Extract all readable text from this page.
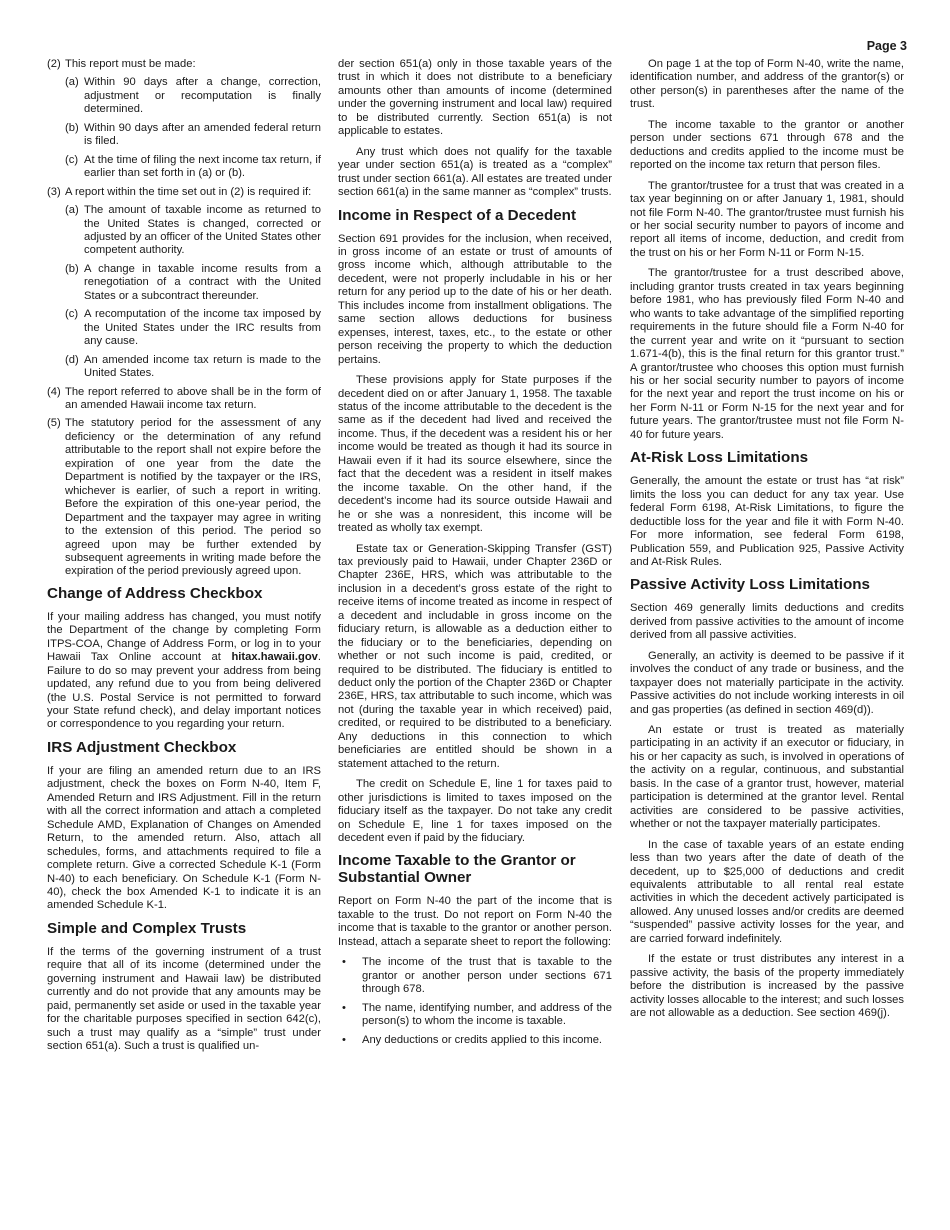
Page 3
(2) This report must be made:
(a) Within 90 days after a change, correction, adjustment or recomputation is finally determined.
(b) Within 90 days after an amended federal return is filed.
(c) At the time of filing the next income tax return, if earlier than set forth in (a) or (b).
(3) A report within the time set out in (2) is required if:
(a) The amount of taxable income as returned to the United States is changed, corrected or adjusted by an officer of the United States other competent authority.
(b) A change in taxable income results from a renegotiation of a contract with the United States or a subcontract thereunder.
(c) A recomputation of the income tax imposed by the United States under the IRC results from any cause.
(d) An amended income tax return is made to the United States.
(4) The report referred to above shall be in the form of an amended Hawaii income tax return.
(5) The statutory period for the assessment of any deficiency or the determination of any refund attributable to the report shall not expire before the expiration of one year from the date the Department is notified by the taxpayer or the IRS, whichever is earlier, of such a report in writing. Before the expiration of this one-year period, the Department and the taxpayer may agree in writing to the extension of this period. The period so agreed upon may be further extended by subsequent agreements in writing made before the expiration of the period previously agreed upon.
Change of Address Checkbox

If your mailing address has changed, you must notify the Department of the change by completing Form ITPS-COA, Change of Address Form, or log in to your Hawaii Tax Online account at hitax.hawaii.gov. Failure to do so may prevent your address from being updated, any refund due to you from being delivered (the U.S. Postal Service is not permitted to forward your State refund check), and delay important notices or correspondence to you regarding your return.

IRS Adjustment Checkbox

If your are filing an amended return due to an IRS adjustment, check the boxes on Form N-40, Item F, Amended Return and IRS Adjustment. Fill in the return with all the correct information and attach a completed Schedule AMD, Explanation of Changes on Amended Return, to the amended return. Also, attach all schedules, forms, and attachments required to file a complete return. Give a corrected Schedule K-1 (Form N-40) to each beneficiary. On Schedule K-1 (Form N-40), check the box Amended K-1 to indicate it is an amended Schedule K-1.

Simple and Complex Trusts

If the terms of the governing instrument of a trust require that all of its income (determined under the governing instrument and Hawaii law) be distributed currently and do not provide that any amounts may be paid, permanently set aside or used in the taxable year for the charitable purposes specified in section 642(c), such a trust may qualify as a “simple” trust under section 651(a). Such a trust is qualified un-

der section 651(a) only in those taxable years of the trust in which it does not distribute to a beneficiary amounts other than amounts of income (determined under the governing instrument and local law) required to be distributed currently. Section 651(a) is not applicable to estates.

Any trust which does not qualify for the taxable year under section 651(a) is treated as a “complex” trust under section 661(a). All estates are treated under section 661(a) in the same manner as “complex” trusts.

Income in Respect of a Decedent

Section 691 provides for the inclusion, when received, in gross income of an estate or trust of amounts of gross income which, although attributable to the decedent, were not properly includable in his or her return for any period up to the date of his or her death. This includes income from installment obligations. The same section allows deductions for business expenses, interest, taxes, etc., to the estate or other person receiving the property to which the deduction pertains.

These provisions apply for State purposes if the decedent died on or after January 1, 1958. The taxable status of the income attributable to the decedent is the same as if the decedent had lived and received the income. Thus, if the decedent was a resident his or her income would be treated as though it had its source in Hawaii even if it had its source elsewhere, since the fact that the decedent was a resident in itself makes the income taxable. On the other hand, if the decedent’s income had its source outside Hawaii and he or she was a nonresident, this income will be treated as wholly tax exempt.

Estate tax or Generation-Skipping Transfer (GST) tax previously paid to Hawaii, under Chapter 236D or Chapter 236E, HRS, which was attributable to the inclusion in a decedent’s gross estate of the right to receive items of income treated as income in respect of a decedent and includable in gross income on the fiduciary return, is allowable as a deduction either to the fiduciary or to the beneficiaries, depending on whether or not such income is paid, credited, or required to be distributed. The fiduciary is entitled to deduct only the portion of the Chapter 236D or Chapter 236E, HRS, tax attributable to such income, which was not (during the taxable year in which received) paid, credited, or required to be distributed to a beneficiary. Any deductions in this connection to which beneficiaries are entitled should be shown in a statement attached to the return.

The credit on Schedule E, line 1 for taxes paid to other jurisdictions is limited to taxes imposed on the fiduciary itself as the taxpayer. Do not take any credit on Schedule E, line 1 for taxes imposed on the decedent even if paid by the fiduciary.

Income Taxable to the Grantor or Substantial Owner

Report on Form N-40 the part of the income that is taxable to the trust. Do not report on Form N-40 the income that is taxable to the grantor or another person. Instead, attach a separate sheet to report the following:

•	The income of the trust that is taxable to the grantor or another person under sections 671 through 678.
•	The name, identifying number, and address of the person(s) to whom the income is taxable.
•	Any deductions or credits applied to this income.

On page 1 at the top of Form N-40, write the name, identification number, and address of the grantor(s) or other person(s) in parentheses after the name of the trust.

The income taxable to the grantor or another person under sections 671 through 678 and the deductions and credits applied to the income must be reported on the income tax return that person files.

The grantor/trustee for a trust that was created in a tax year beginning on or after January 1, 1981, should not file Form N-40. The grantor/trustee must furnish his or her social security number to payors of income and report all items of income, deduction, and credit from the trust on his or her Form N-11 or Form N-15.

The grantor/trustee for a trust described above, including grantor trusts created in tax years beginning before 1981, who has previously filed Form N-40 and who wants to take advantage of the simplified reporting requirements in the future should file a Form N-40 for the current year and write on it “pursuant to section 1.671-4(b), this is the final return for this grantor trust.” A grantor/trustee who chooses this option must furnish his or her social security number to payors of income for the next year and report the trust income on his or her Form N-11 or Form N-15 for the next year and for future years. The grantor/trustee must not file Form N-40 for future years.

At-Risk Loss Limitations

Generally, the amount the estate or trust has “at risk” limits the loss you can deduct for any tax year. Use federal Form 6198, At-Risk Limitations, to figure the deductible loss for the year and file it with Form N-40. For more information, see federal Form 6198, Publication 559, and Publication 925, Passive Activity and At-Risk Rules.

Passive Activity Loss Limitations

Section 469 generally limits deductions and credits derived from passive activities to the amount of income derived from all passive activities.

Generally, an activity is deemed to be passive if it involves the conduct of any trade or business, and the taxpayer does not materially participate in the activity. Passive activities do not include working interests in oil and gas properties (as defined in section 469(d)).

An estate or trust is treated as materially participating in an activity if an executor or fiduciary, in his or her capacity as such, is involved in operations of the activity on a regular, continuous, and substantial basis. In the case of a grantor trust, however, material participation is determined at the grantor level. Rental activities are considered to be passive activities, whether or not the taxpayer materially participates.

In the case of taxable years of an estate ending less than two years after the date of death of the decedent, up to $25,000 of deductions and credit equivalents attributable to all rental real estate activities in which the decedent actively participated is allowed. Any unused losses and/or credits are deemed “suspended” passive activity losses for the year, and are carried forward indefinitely.

If the estate or trust distributes any interest in a passive activity, the basis of the property immediately before the distribution is increased by the passive activity losses allocable to the interest; and such losses are not allowable as a deduction. See section 469(j).
